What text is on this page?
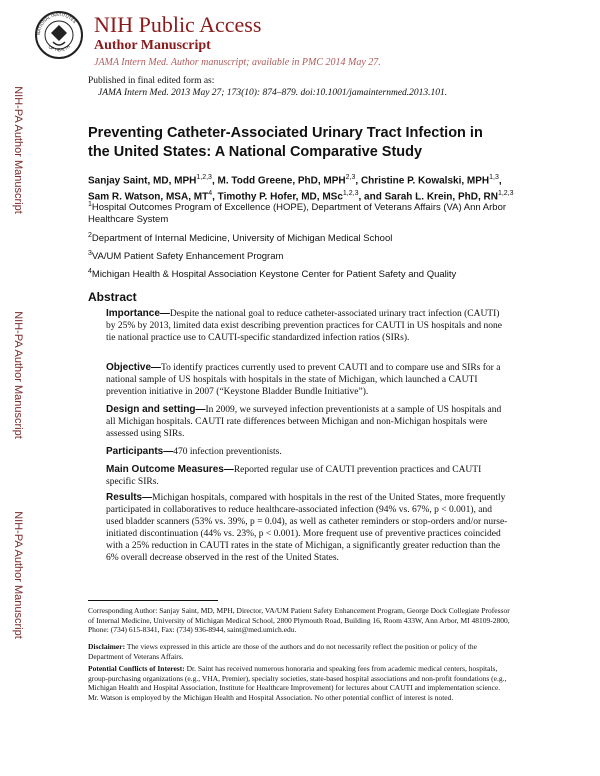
NATIONAL INSTITUTES
OF HEALTH
NIH Public Access
Author Manuscript
JAMA Intern Med. Author manuscript; available in PMC 2014 May 27.
Published in final edited form as:
JAMA Intern Med. 2013 May 27; 173(10): 874–879. doi:10.1001/jamainternmed.2013.101.
NIH-PA Author Manuscript
NIH-PA Author Manuscript
NIH-PA Author Manuscript
Preventing Catheter-Associated Urinary Tract Infection in the United States: A National Comparative Study
Sanjay Saint, MD, MPH$^{1,2,3}$, M. Todd Greene, PhD, MPH$^{2,3}$, Christine P. Kowalski, MPH$^{1,3}$, Sam R. Watson, MSA, $MT^4$, Timothy P. Hofer, MD, MSc$^{1,2,3}$, and Sarah L. Krein, PhD, RN$^{1,2,3}$
$^1$Hospital Outcomes Program of Excellence (HOPE), Department of Veterans Affairs (VA) Ann Arbor Healthcare System
$^2$Department of Internal Medicine, University of Michigan Medical School
$^3$VA/UM Patient Safety Enhancement Program
$^4$Michigan Health & Hospital Association Keystone Center for Patient Safety and Quality
Abstract
Importance—Despite the national goal to reduce catheter-associated urinary tract infection (CAUTI) by 25% by 2013, limited data exist describing prevention practices for CAUTI in US hospitals and none tie national practice use to CAUTI-specific standardized infection ratios (SIRs).
Objective—To identify practices currently used to prevent CAUTI and to compare use and SIRs for a national sample of US hospitals with hospitals in the state of Michigan, which launched a CAUTI prevention initiative in 2007 (“Keystone Bladder Bundle Initiative”).
Design and setting—In 2009, we surveyed infection preventionists at a sample of US hospitals and all Michigan hospitals. CAUTI rate differences between Michigan and non-Michigan hospitals were assessed using SIRs.
Participants—470 infection preventionists.
Main Outcome Measures—Reported regular use of CAUTI prevention practices and CAUTI specific SIRs.
Results—Michigan hospitals, compared with hospitals in the rest of the United States, more frequently participated in collaboratives to reduce healthcare-associated infection (94% vs. 67%, p < 0.001), and used bladder scanners (53% vs. 39%, p = 0.04), as well as catheter reminders or stop-orders and/or nurse-initiated discontinuation (44% vs. 23%, p < 0.001). More frequent use of preventive practices coincided with a 25% reduction in CAUTI rates in the state of Michigan, a significantly greater reduction than the 6% overall decrease observed in the rest of the United States.
Corresponding Author: Sanjay Saint, MD, MPH, Director, VA/UM Patient Safety Enhancement Program, George Dock Collegiate Professor of Internal Medicine, University of Michigan Medical School, 2800 Plymouth Road, Building 16, Room 433W, Ann Arbor, MI 48109-2800, Phone: (734) 615-8341, Fax: (734) 936-8944, saint@med.umich.edu.
Disclaimer: The views expressed in this article are those of the authors and do not necessarily reflect the position or policy of the Department of Veterans Affairs.
Potential Conflicts of Interest: Dr. Saint has received numerous honoraria and speaking fees from academic medical centers, hospitals, group-purchasing organizations (e.g., VHA, Premier), specialty societies, state-based hospital associations and non-profit foundations (e.g., Michigan Health and Hospital Association, Institute for Healthcare Improvement) for lectures about CAUTI and implementation science. Mr. Watson is employed by the Michigan Health and Hospital Association. No other potential conflict of interest is noted.
